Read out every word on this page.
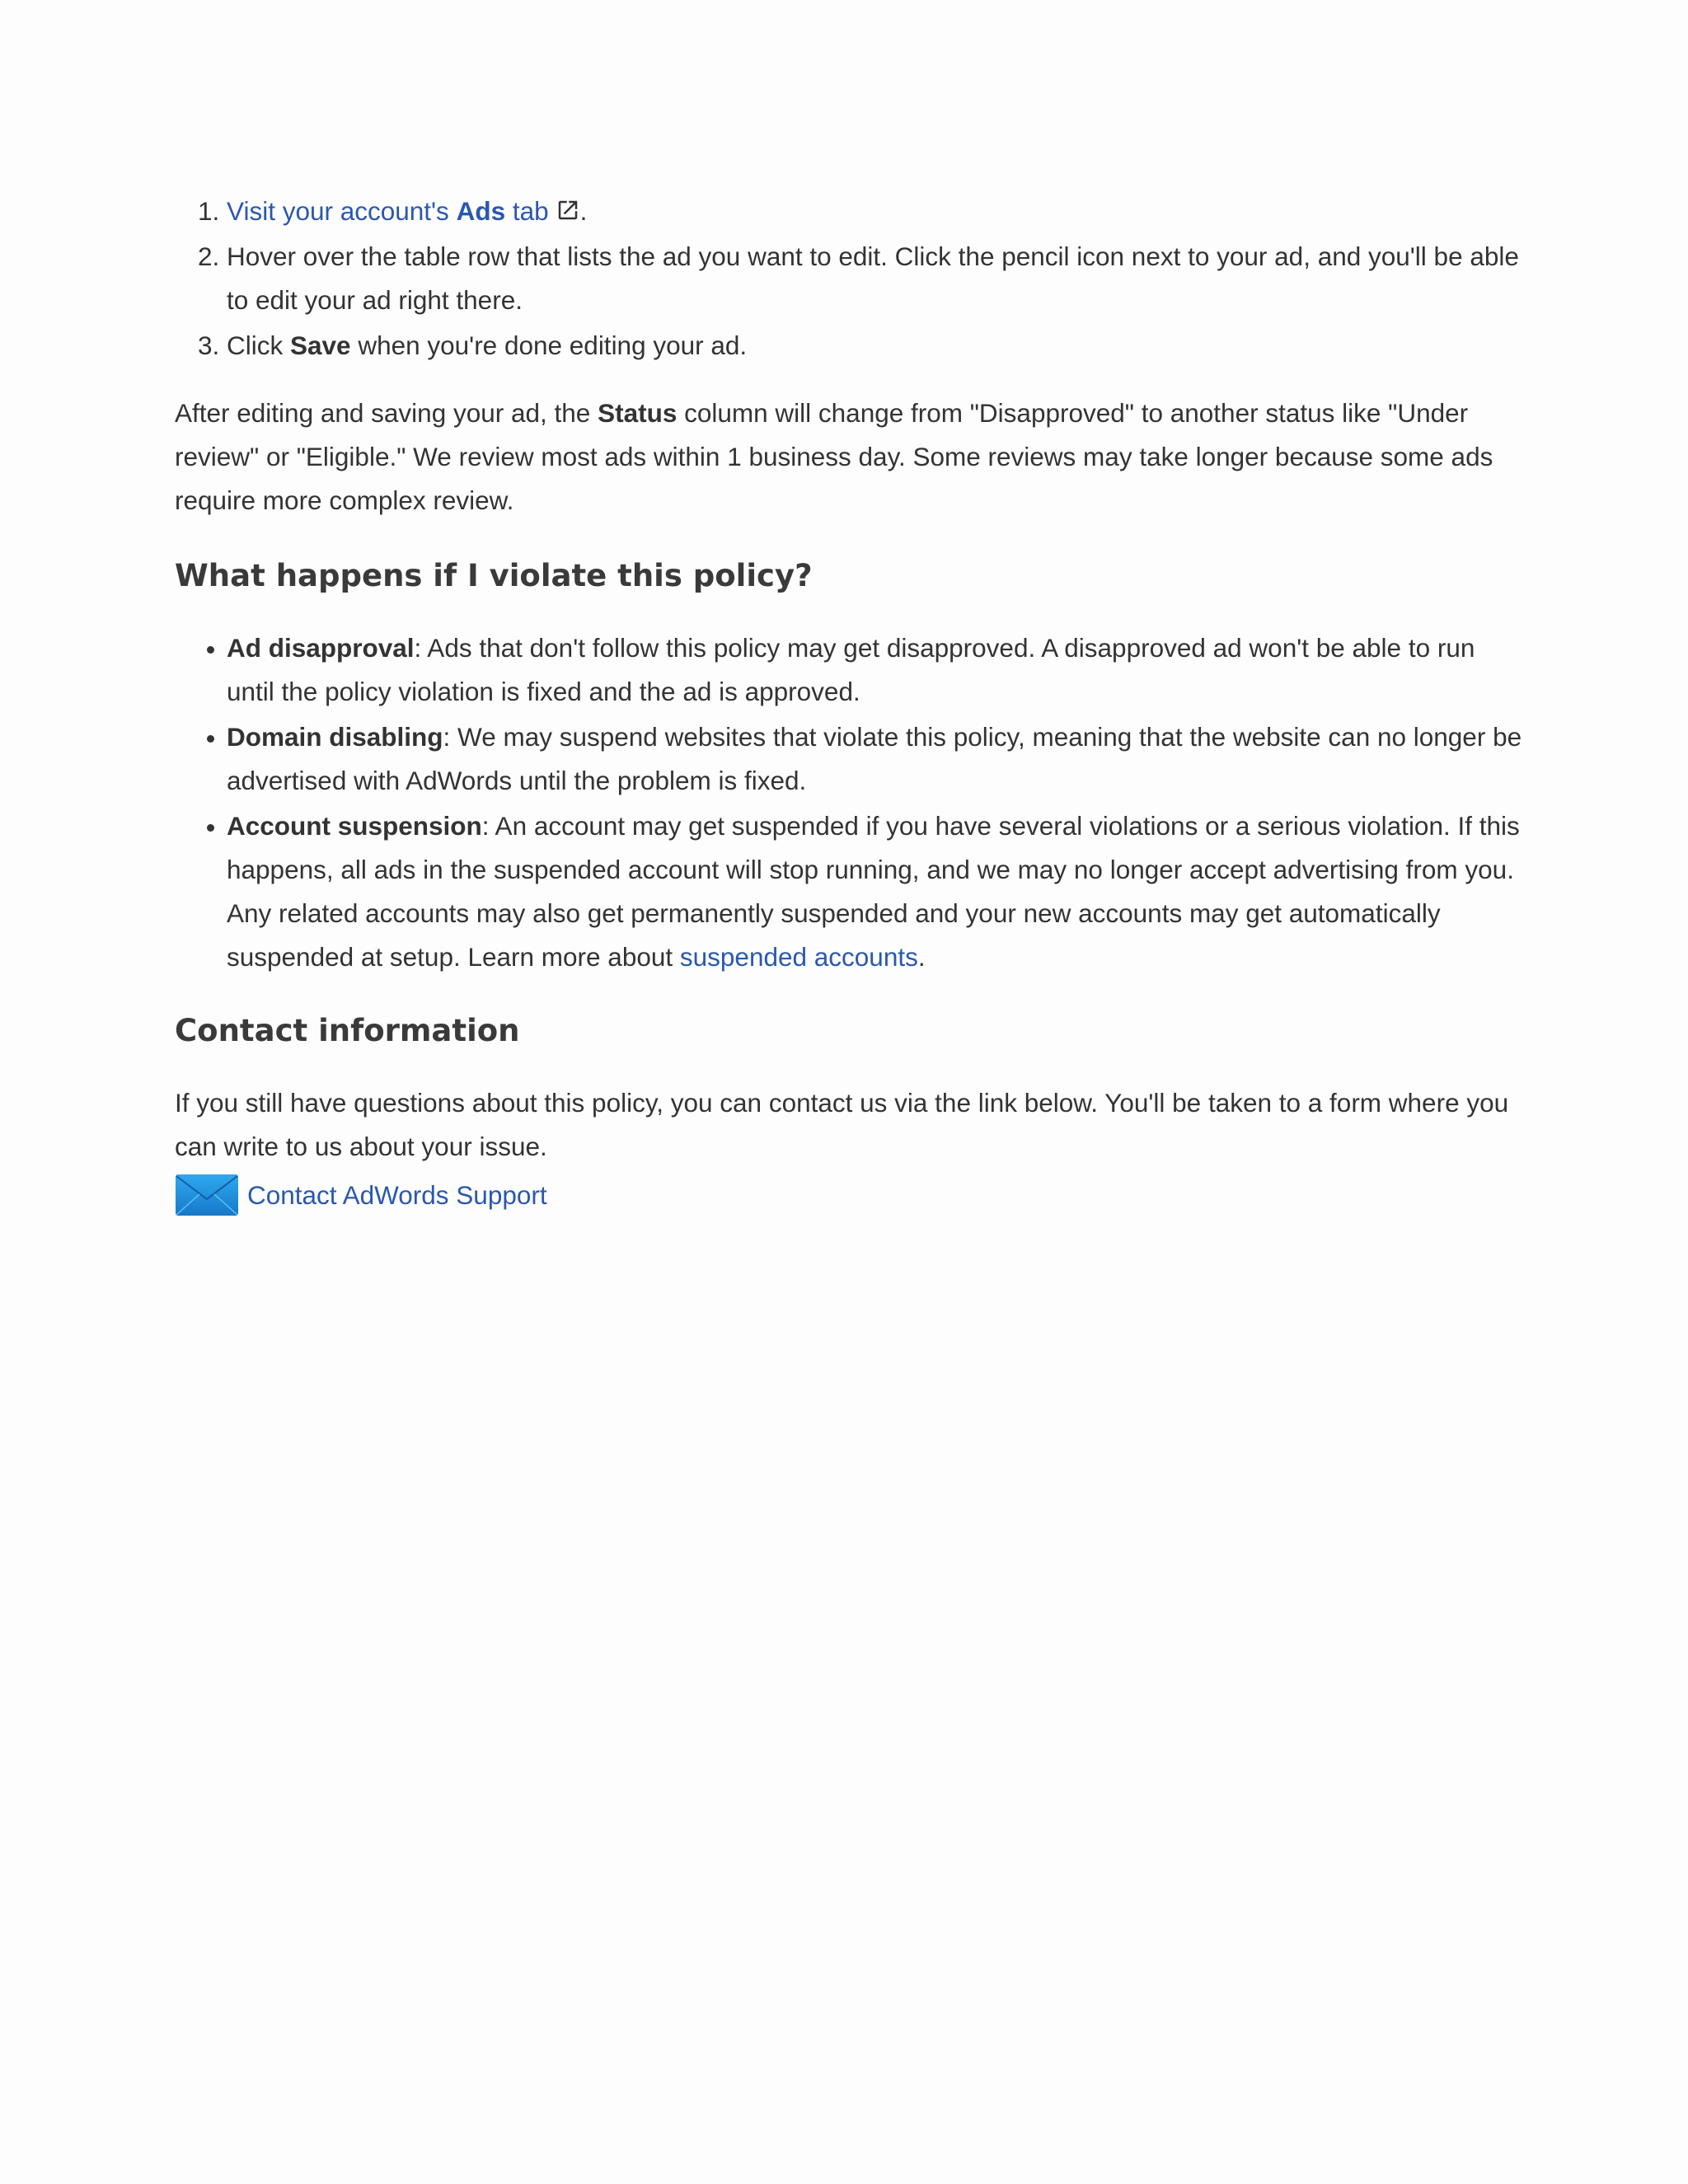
1. Visit your account's Ads tab .
2. Hover over the table row that lists the ad you want to edit. Click the pencil icon next to your ad, and you'll be able to edit your ad right there.
3. Click Save when you're done editing your ad.

After editing and saving your ad, the Status column will change from "Disapproved" to another status like "Under review" or "Eligible." We review most ads within 1 business day. Some reviews may take longer because some ads require more complex review.

What happens if I violate this policy?
• Ad disapproval: Ads that don't follow this policy may get disapproved. A disapproved ad won't be able to run until the policy violation is fixed and the ad is approved.
• Domain disabling: We may suspend websites that violate this policy, meaning that the website can no longer be advertised with AdWords until the problem is fixed.
• Account suspension: An account may get suspended if you have several violations or a serious violation. If this happens, all ads in the suspended account will stop running, and we may no longer accept advertising from you. Any related accounts may also get permanently suspended and your new accounts may get automatically suspended at setup. Learn more about suspended accounts.
Contact information

If you still have questions about this policy, you can contact us via the link below. You'll be taken to a form where you can write to us about your issue.

Contact AdWords Support
